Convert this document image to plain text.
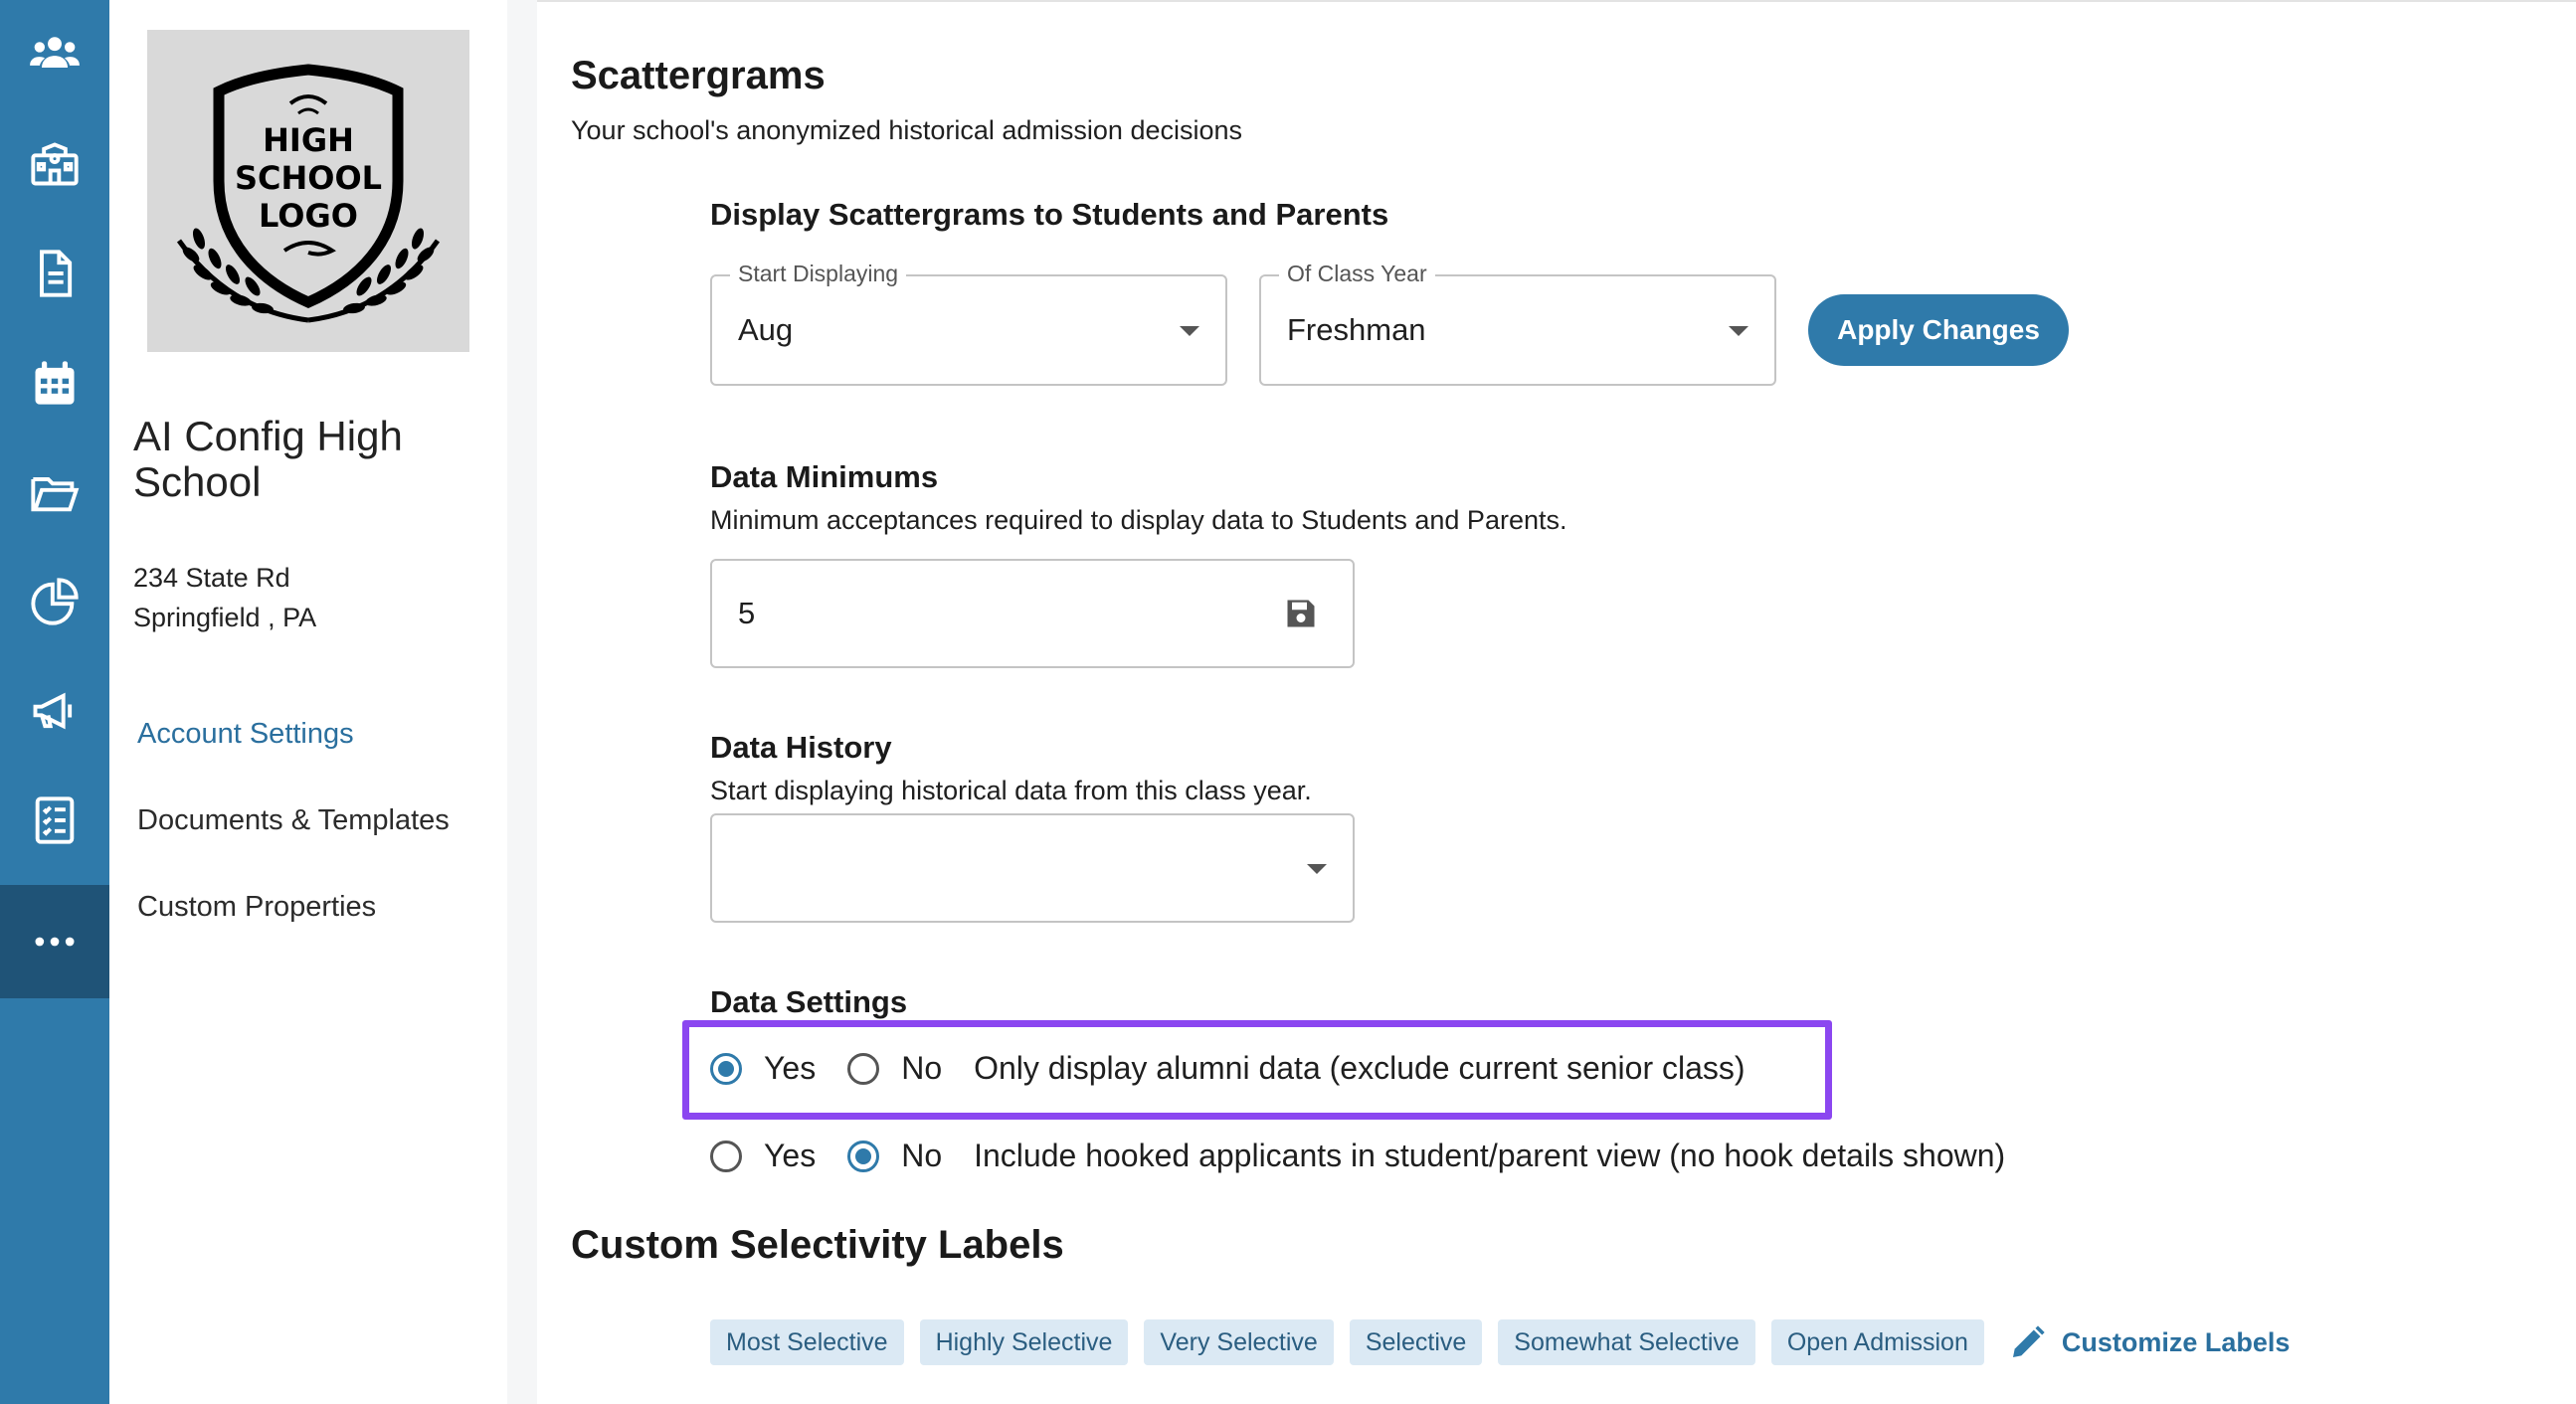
HIGH
SCHOOL
LOGO
AI Config High School
234 State Rd
Springfield , PA
Account Settings
Documents & Templates
Custom Properties
Scattergrams
Your school's anonymized historical admission decisions
Display Scattergrams to Students and Parents
Start Displaying
Aug
Of Class Year
Freshman	Apply Changes
Data Minimums
Minimum acceptances required to display data to Students and Parents.
5
Data History
Start displaying historical data from this class year.
Data Settings
Yes	No Only display alumni data (exclude current senior class)
Yes	No Include hooked applicants in student/parent view (no hook details shown)
Custom Selectivity Labels
Most Selective	Highly Selective	Very Selective	Selective	Somewhat Selective	Open Admission	Customize Labels
